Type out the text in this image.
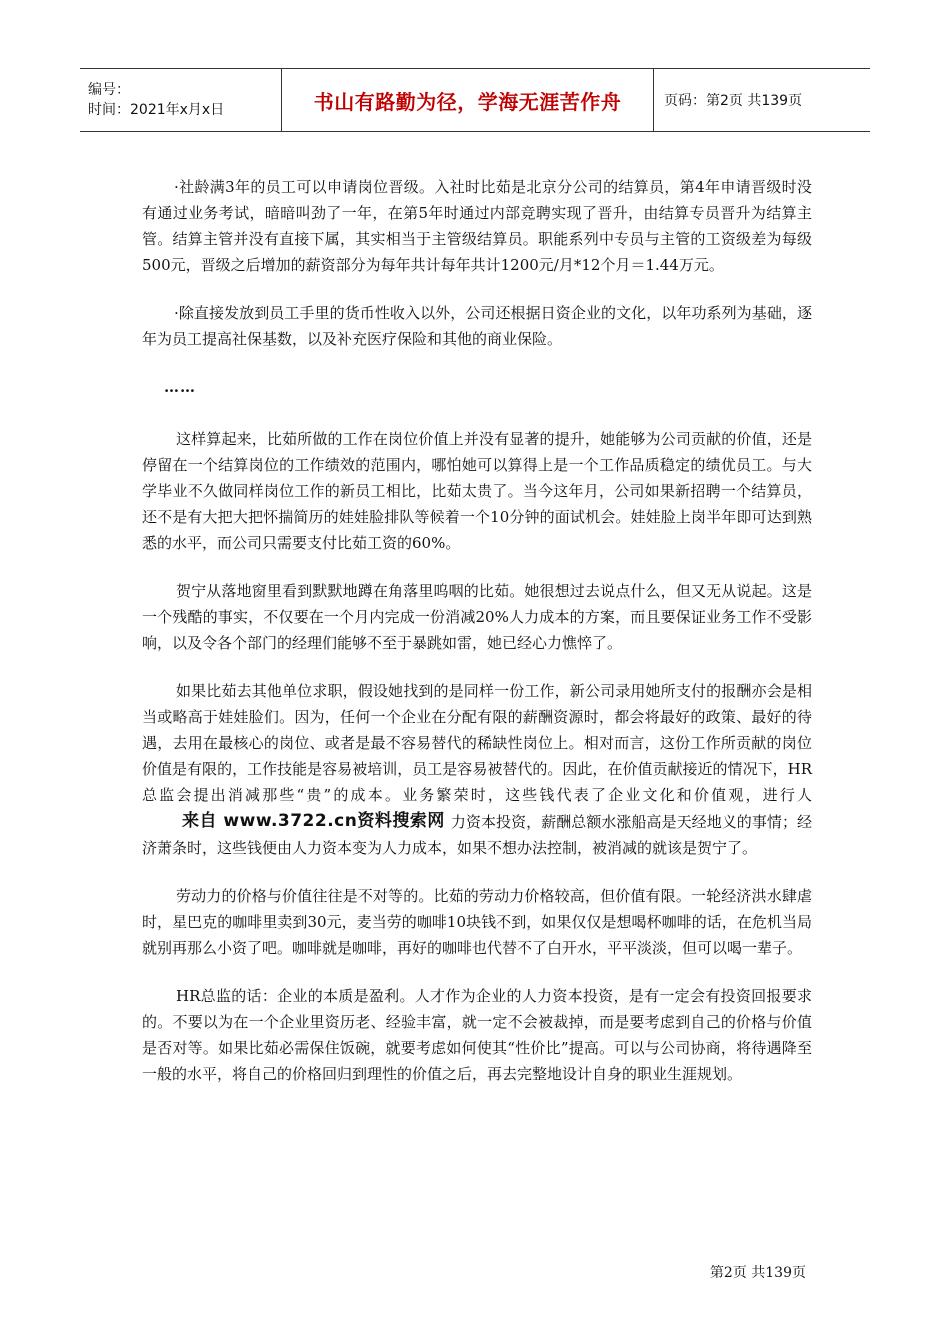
编号：
时间：2021年x月x日	书山有路勤为径，学海无涯苦作舟	页码：第2页 共139页

·社龄满3年的员工可以申请岗位晋级。入社时比茹是北京分公司的结算员，第4年申请晋级时没有通过业务考试，暗暗叫劲了一年，在第5年时通过内部竞聘实现了晋升，由结算专员晋升为结算主管。结算主管并没有直接下属，其实相当于主管级结算员。职能系列中专员与主管的工资级差为每级500元，晋级之后增加的薪资部分为每年共计每年共计1200元/月*12个月＝1.44万元。

·除直接发放到员工手里的货币性收入以外，公司还根据日资企业的文化，以年功系列为基础，逐年为员工提高社保基数，以及补充医疗保险和其他的商业保险。

……

这样算起来，比茹所做的工作在岗位价值上并没有显著的提升，她能够为公司贡献的价值，还是停留在一个结算岗位的工作绩效的范围内，哪怕她可以算得上是一个工作品质稳定的绩优员工。与大学毕业不久做同样岗位工作的新员工相比，比茹太贵了。当今这年月，公司如果新招聘一个结算员，还不是有大把大把怀揣简历的娃娃脸排队等候着一个10分钟的面试机会。娃娃脸上岗半年即可达到熟悉的水平，而公司只需要支付比茹工资的60%。

贺宁从落地窗里看到默默地蹲在角落里呜咽的比茹。她很想过去说点什么，但又无从说起。这是一个残酷的事实，不仅要在一个月内完成一份消减20%人力成本的方案，而且要保证业务工作不受影响，以及令各个部门的经理们能够不至于暴跳如雷，她已经心力憔悴了。

如果比茹去其他单位求职，假设她找到的是同样一份工作，新公司录用她所支付的报酬亦会是相当或略高于娃娃脸们。因为，任何一个企业在分配有限的薪酬资源时，都会将最好的政策、最好的待遇，去用在最核心的岗位、或者是最不容易替代的稀缺性岗位上。相对而言，这份工作所贡献的岗位价值是有限的，工作技能是容易被培训，员工是容易被替代的。因此，在价值贡献接近的情况下，HR总监会提出消减那些“贵”的成本。业务繁荣时，这些钱代表了企业文化和价值观，进行人来自 www.3722.cn资料搜索网 力资本投资，薪酬总额水涨船高是天经地义的事情；经济萧条时，这些钱便由人力资本变为人力成本，如果不想办法控制，被消减的就该是贺宁了。

劳动力的价格与价值往往是不对等的。比茹的劳动力价格较高，但价值有限。一轮经济洪水肆虐时，星巴克的咖啡里卖到30元，麦当劳的咖啡10块钱不到，如果仅仅是想喝杯咖啡的话，在危机当局就别再那么小资了吧。咖啡就是咖啡，再好的咖啡也代替不了白开水，平平淡淡，但可以喝一辈子。

HR总监的话：企业的本质是盈利。人才作为企业的人力资本投资，是有一定会有投资回报要求的。不要以为在一个企业里资历老、经验丰富，就一定不会被裁掉，而是要考虑到自己的价格与价值是否对等。如果比茹必需保住饭碗，就要考虑如何使其“性价比”提高。可以与公司协商，将待遇降至一般的水平，将自己的价格回归到理性的价值之后，再去完整地设计自身的职业生涯规划。

第2页 共139页
